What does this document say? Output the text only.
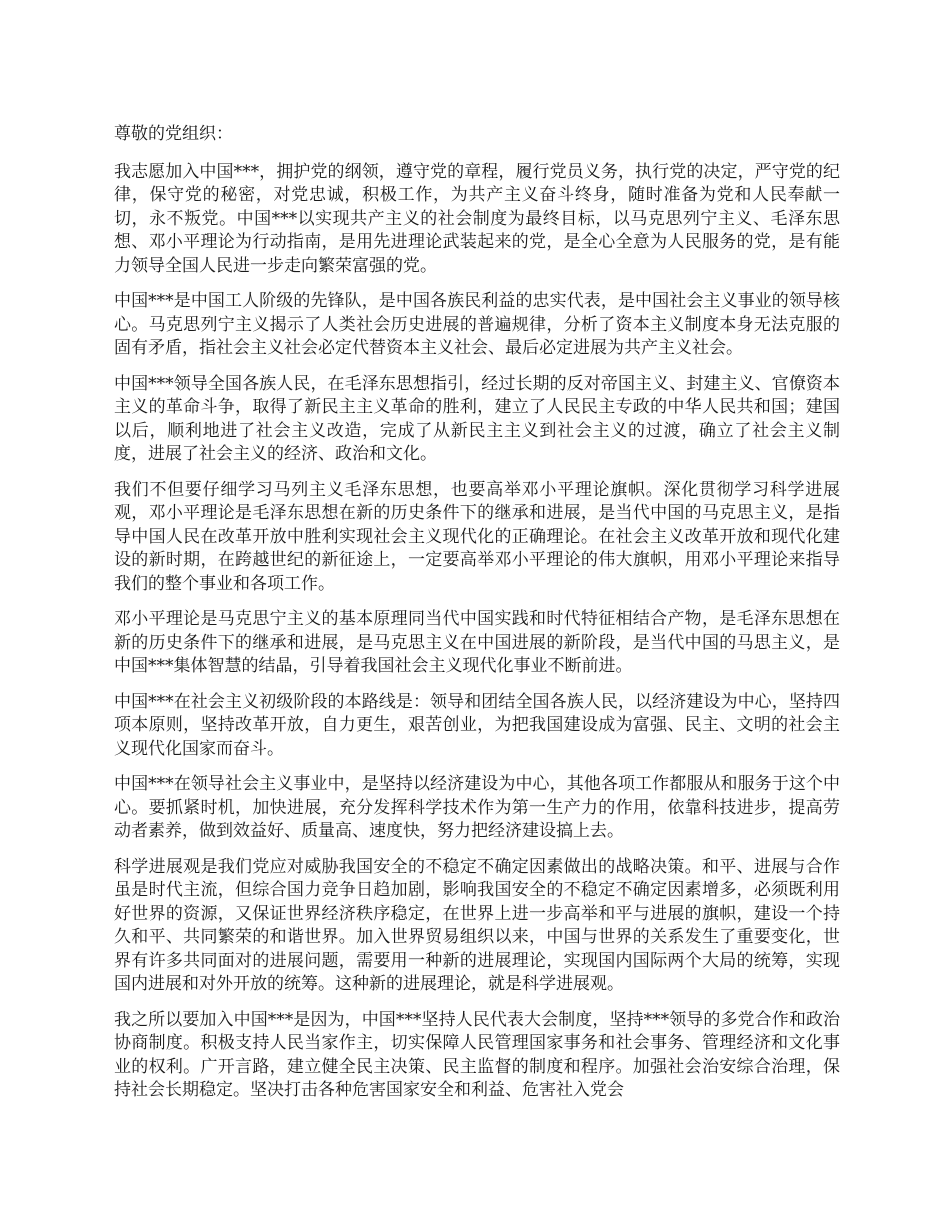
尊敬的党组织：

我志愿加入中国***，拥护党的纲领，遵守党的章程，履行党员义务，执行党的决定，严守党的纪律，保守党的秘密，对党忠诚，积极工作，为共产主义奋斗终身，随时准备为党和人民奉献一切，永不叛党。中国***以实现共产主义的社会制度为最终目标，以马克思列宁主义、毛泽东思想、邓小平理论为行动指南，是用先进理论武装起来的党，是全心全意为人民服务的党，是有能力领导全国人民进一步走向繁荣富强的党。

中国***是中国工人阶级的先锋队，是中国各族民利益的忠实代表，是中国社会主义事业的领导核心。马克思列宁主义揭示了人类社会历史进展的普遍规律，分析了资本主义制度本身无法克服的固有矛盾，指社会主义社会必定代替资本主义社会、最后必定进展为共产主义社会。

中国***领导全国各族人民，在毛泽东思想指引，经过长期的反对帝国主义、封建主义、官僚资本主义的革命斗争，取得了新民主主义革命的胜利，建立了人民民主专政的中华人民共和国；建国以后，顺利地进了社会主义改造，完成了从新民主主义到社会主义的过渡，确立了社会主义制度，进展了社会主义的经济、政治和文化。

我们不但要仔细学习马列主义毛泽东思想，也要高举邓小平理论旗帜。深化贯彻学习科学进展观，邓小平理论是毛泽东思想在新的历史条件下的继承和进展，是当代中国的马克思主义，是指导中国人民在改革开放中胜利实现社会主义现代化的正确理论。在社会主义改革开放和现代化建设的新时期，在跨越世纪的新征途上，一定要高举邓小平理论的伟大旗帜，用邓小平理论来指导我们的整个事业和各项工作。

邓小平理论是马克思宁主义的基本原理同当代中国实践和时代特征相结合产物，是毛泽东思想在新的历史条件下的继承和进展，是马克思主义在中国进展的新阶段，是当代中国的马思主义，是中国***集体智慧的结晶，引导着我国社会主义现代化事业不断前进。

中国***在社会主义初级阶段的本路线是：领导和团结全国各族人民，以经济建设为中心，坚持四项本原则，坚持改革开放，自力更生，艰苦创业，为把我国建设成为富强、民主、文明的社会主义现代化国家而奋斗。

中国***在领导社会主义事业中，是坚持以经济建设为中心，其他各项工作都服从和服务于这个中心。要抓紧时机，加快进展，充分发挥科学技术作为第一生产力的作用，依靠科技进步，提高劳动者素养，做到效益好、质量高、速度快，努力把经济建设搞上去。

科学进展观是我们党应对威胁我国安全的不稳定不确定因素做出的战略决策。和平、进展与合作虽是时代主流，但综合国力竞争日趋加剧，影响我国安全的不稳定不确定因素增多，必须既利用好世界的资源，又保证世界经济秩序稳定，在世界上进一步高举和平与进展的旗帜，建设一个持久和平、共同繁荣的和谐世界。加入世界贸易组织以来，中国与世界的关系发生了重要变化，世界有许多共同面对的进展问题，需要用一种新的进展理论，实现国内国际两个大局的统筹，实现国内进展和对外开放的统筹。这种新的进展理论，就是科学进展观。

我之所以要加入中国***是因为，中国***坚持人民代表大会制度，坚持***领导的多党合作和政治协商制度。积极支持人民当家作主，切实保障人民管理国家事务和社会事务、管理经济和文化事业的权利。广开言路，建立健全民主决策、民主监督的制度和程序。加强社会治安综合治理，保持社会长期稳定。坚决打击各种危害国家安全和利益、危害社入党会
